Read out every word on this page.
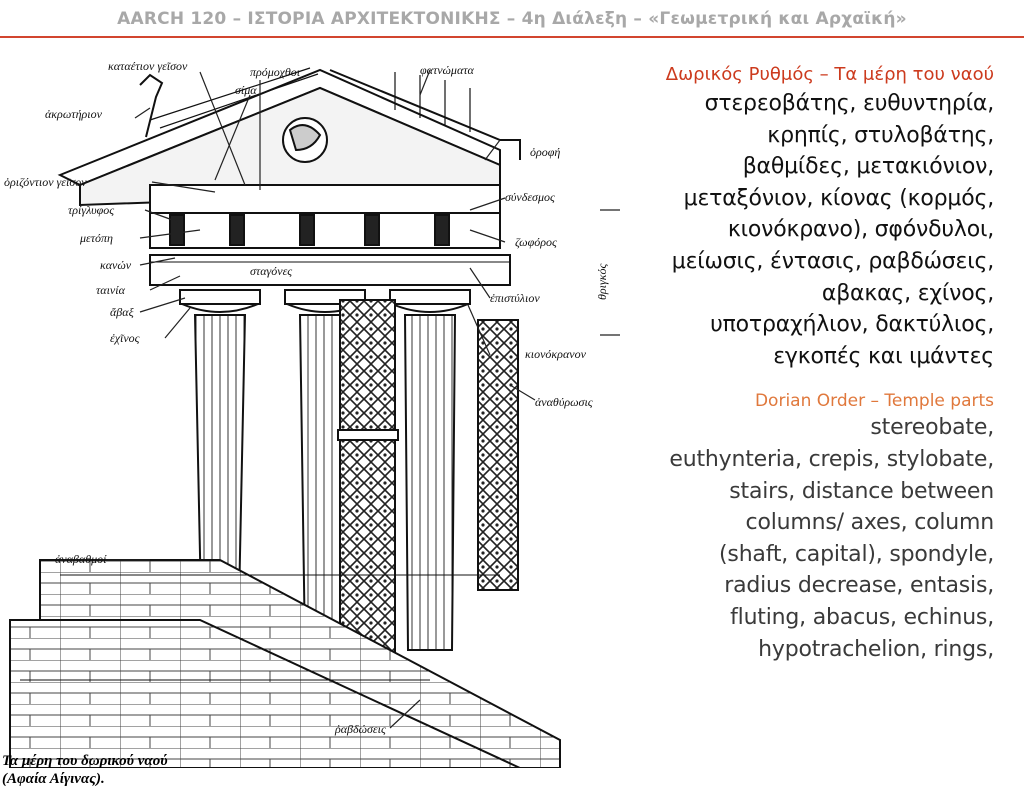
AARCH 120 – ΙΣΤΟΡΙΑ ΑΡΧΙΤΕΚΤΟΝΙΚΗΣ – 4η Διάλεξη – «Γεωμετρική και Αρχαϊκή»
καταέτιον γεῖσον	πρόμοχθοι
σίμα
ἀκρωτήριον
ὁριζόντιον γεῖσον
τρίγλυφος
μετόπη
κανών
ταινία
ἄβαξ
ἐχῖνος
σταγόνες
φατνώματα
ὀροφή
σύνδεσμος
ζωφόρος
ἐπιστύλιον
κιονόκρανον
ἀναθύρωσις
ἀναβαθμοί
ῥαβδώσεις
θριγκός
Τα μέρη του δωρικού ναού
(Αφαία Αίγινας).
Δωρικός Ρυθμός – Τα μέρη του ναού
στερεοβάτης, ευθυντηρία,
κρηπίς, στυλοβάτης,
βαθμίδες, μετακιόνιον,
μεταξόνιον, κίονας (κορμός,
κιονόκρανο), σφόνδυλοι,
μείωσις, έντασις, ραβδώσεις,
αβακας, εχίνος,
υποτραχήλιον, δακτύλιος,
εγκοπές και ιμάντες
Dorian Order – Temple parts
stereobate,
euthynteria, crepis, stylobate,
stairs, distance between
columns/ axes, column
(shaft, capital), spondyle,
radius decrease, entasis,
fluting, abacus, echinus,
hypotrachelion, rings,
